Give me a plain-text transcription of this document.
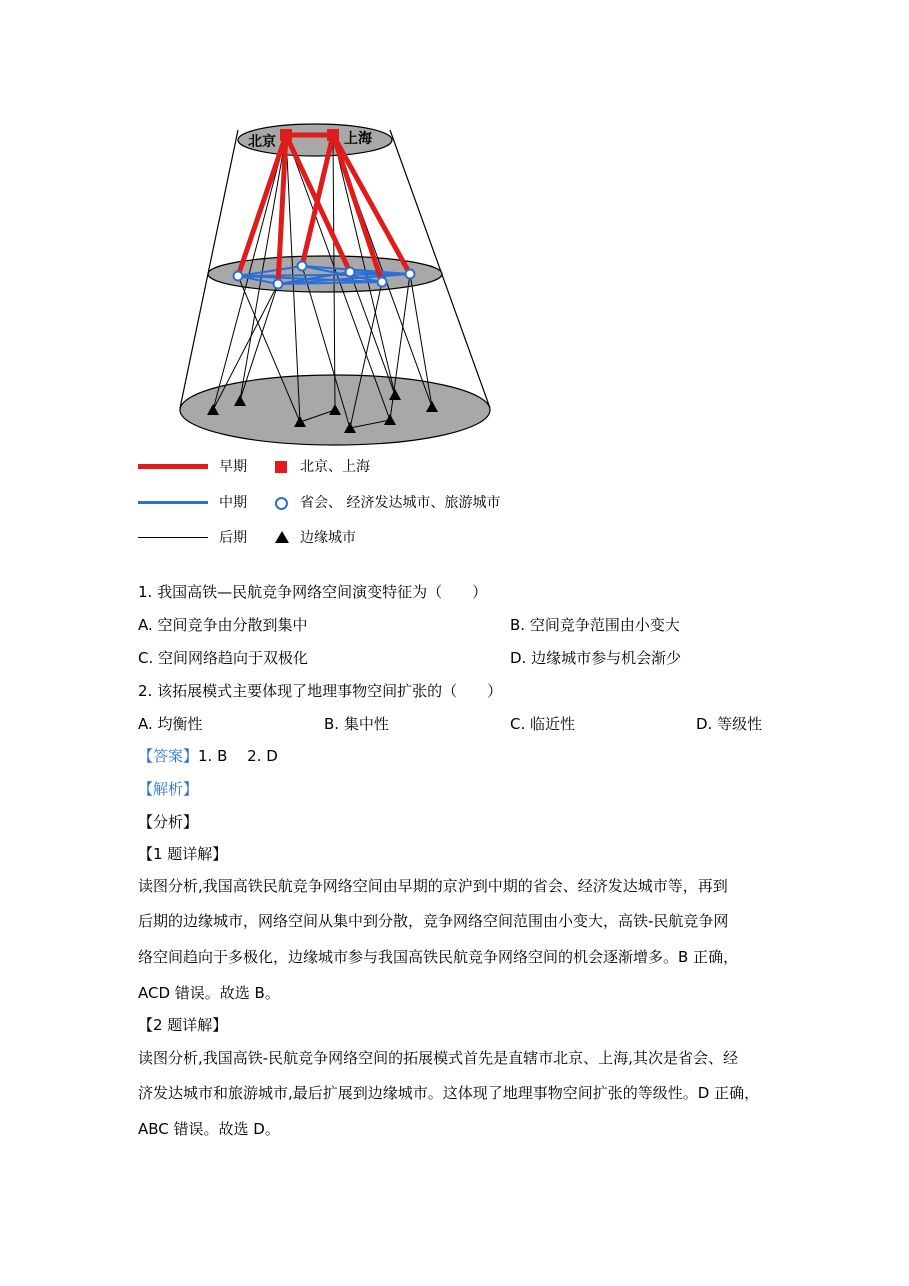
北京	上海
早期	北京、上海
中期	省会、 经济发达城市、旅游城市
后期	边缘城市
1. 我国高铁—民航竞争网络空间演变特征为（　　）
A. 空间竞争由分散到集中	B. 空间竞争范围由小变大
C. 空间网络趋向于双极化	D. 边缘城市参与机会渐少
2. 该拓展模式主要体现了地理事物空间扩张的（　　）
A. 均衡性	B. 集中性	C. 临近性	D. 等级性
【答案】1. B　 2. D
【解析】
【分析】
【1 题详解】
读图分析,我国高铁民航竞争网络空间由早期的京沪到中期的省会、经济发达城市等，再到
后期的边缘城市，网络空间从集中到分散，竞争网络空间范围由小变大，高铁-民航竞争网
络空间趋向于多极化，边缘城市参与我国高铁民航竞争网络空间的机会逐渐增多。B 正确，
ACD 错误。故选 B。
【2 题详解】
读图分析,我国高铁-民航竞争网络空间的拓展模式首先是直辖市北京、上海,其次是省会、经
济发达城市和旅游城市,最后扩展到边缘城市。这体现了地理事物空间扩张的等级性。D 正确，
ABC 错误。故选 D。
